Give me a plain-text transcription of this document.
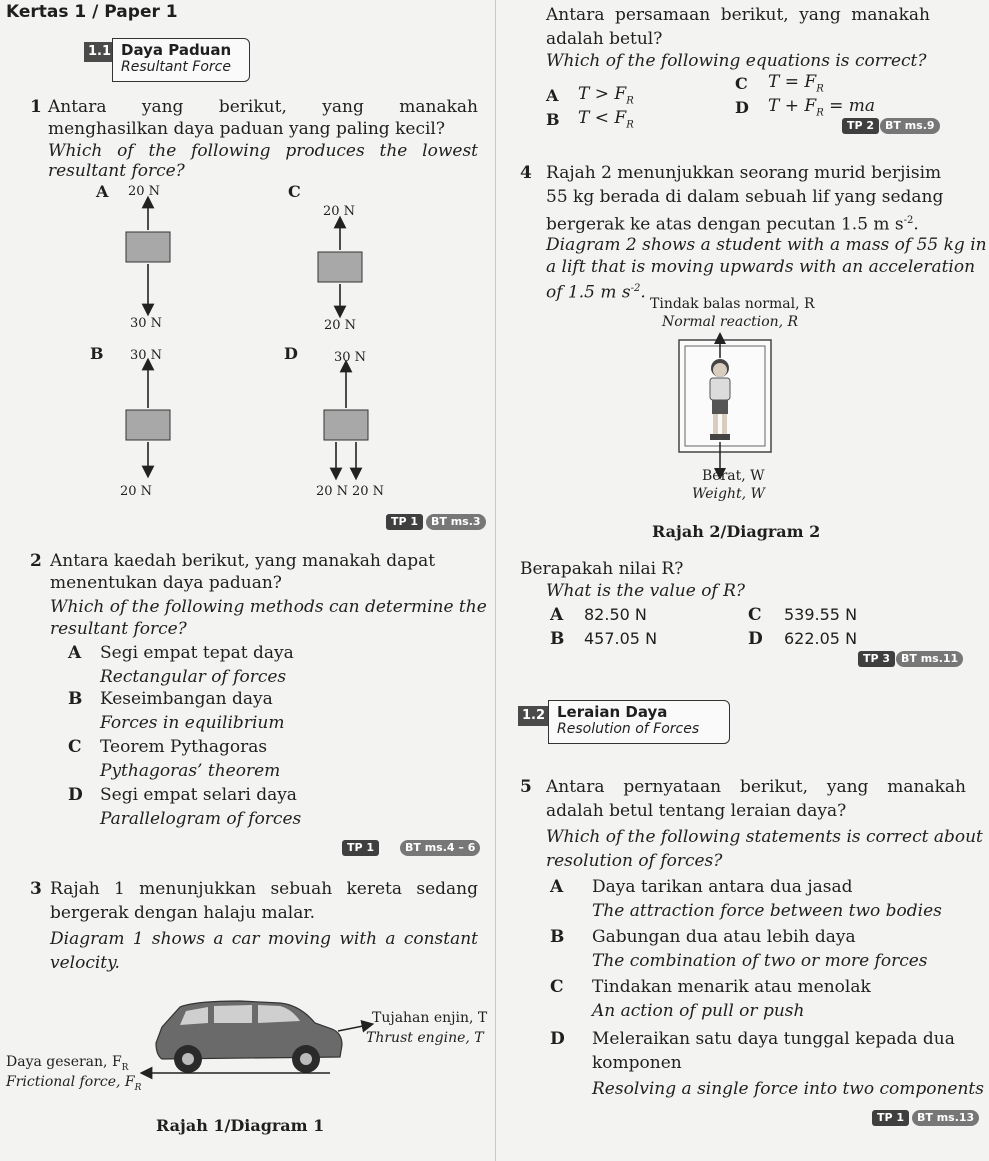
Kertas 1 / Paper 1
1.1 Daya Paduan
Resultant Force
1 Antara yang berikut, yang manakah
menghasilkan daya paduan yang paling kecil?
Which of the following produces the lowest
resultant force?
A 20 N
30 N
C
20 N
20 N
B 30 N
20 N
D	30 N
20 N 20 N
TP 1	BT ms.3
2 Antara kaedah berikut, yang manakah dapat
menentukan daya paduan?
Which of the following methods can determine the
resultant force?
A Segi empat tepat daya
Rectangular of forces
B Keseimbangan daya
Forces in equilibrium
C Teorem Pythagoras
Pythagoras’ theorem
D Segi empat selari daya
Parallelogram of forces
TP 1	BT ms.4 – 6
3 Rajah 1 menunjukkan sebuah kereta sedang
bergerak dengan halaju malar.
Diagram 1 shows a car moving with a constant
velocity.
Tujahan enjin, T
Thrust engine, T
Daya geseran, $F_R$
Frictional force, $F_R$
Rajah 1/Diagram 1
Antara persamaan berikut, yang manakah
adalah betul?
Which of the following equations is correct?
A $T > F_R$
B $T < F_R$
C $T = F_R$
D $T + F_R$ = ma
TP 2 BT ms.9
4 Rajah 2 menunjukkan seorang murid berjisim
55 kg berada di dalam sebuah lif yang sedang
bergerak ke atas dengan pecutan 1.5 m $s^{-2}$.
Diagram 2 shows a student with a mass of 55 kg in
a lift that is moving upwards with an acceleration
of 1.5 m $s^{-2}$.
Tindak balas normal, R
Normal reaction, R
Berat, W
Weight, W
Rajah 2/Diagram 2
Berapakah nilai R?
What is the value of R?
A 82.50 N
B 457.05 N
C 539.55 N
D 622.05 N
TP 3 BT ms.11
1.2 Leraian Daya
Resolution of Forces
5 Antara pernyataan berikut, yang manakah
adalah betul tentang leraian daya?
Which of the following statements is correct about
resolution of forces?
A Daya tarikan antara dua jasad
The attraction force between two bodies
B Gabungan dua atau lebih daya
The combination of two or more forces
C Tindakan menarik atau menolak
An action of pull or push
D Meleraikan satu daya tunggal kepada dua
komponen
Resolving a single force into two components
TP 1	BT ms.13
